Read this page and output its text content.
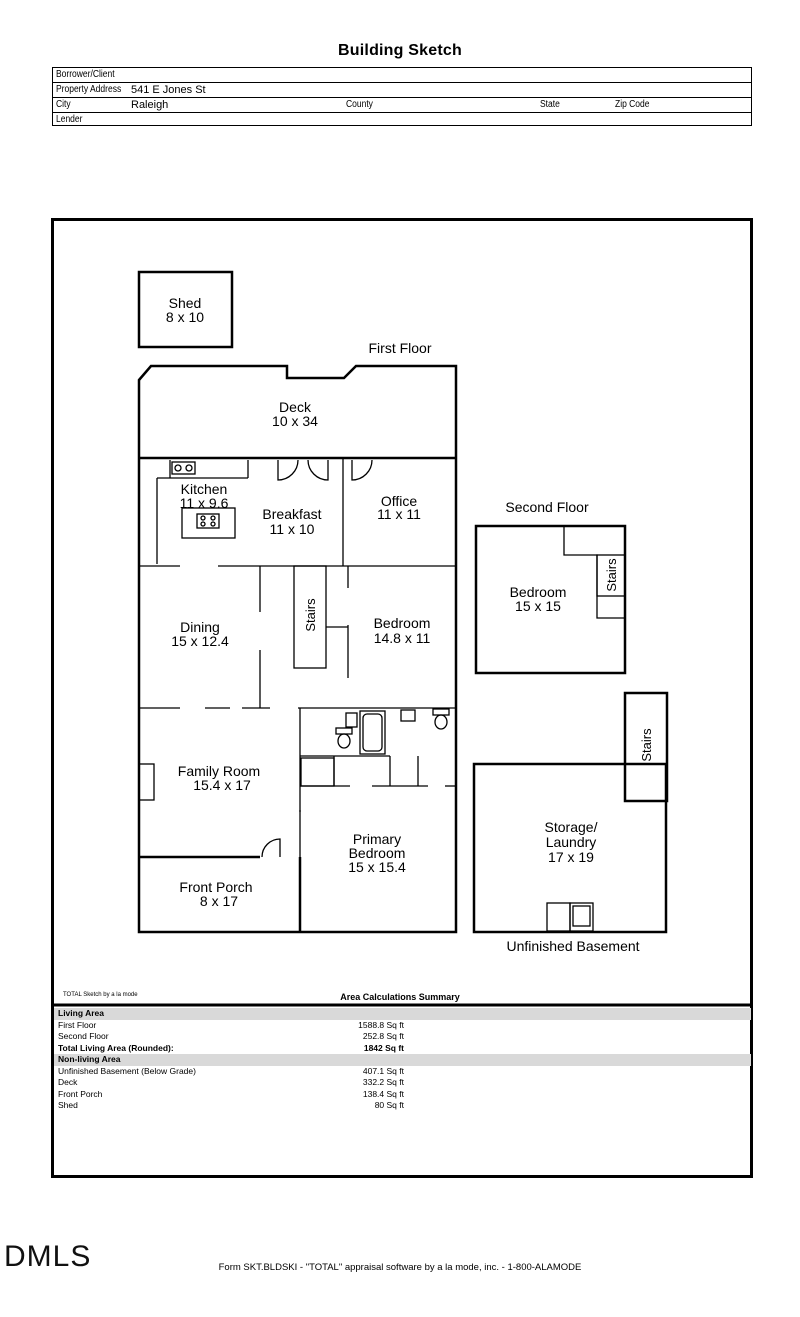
Building Sketch
Borrower/Client
Property Address 541 E Jones St
City	Raleigh	County	State	Zip Code
Lender
Shed
8 x 10
First Floor
Deck
10 x 34
Kitchen
11 x 9.6
Breakfast
11 x 10
Office
11 x 11
Dining
15 x 12.4
Bedroom
14.8 x 11
Family Room
15.4 x 17
Primary
Bedroom
15 x 15.4
Front Porch
8 x 17
Second Floor
Bedroom
15 x 15
Storage/
Laundry
17 x 19
Unfinished Basement
Stairs
Stairs
Stairs
TOTAL Sketch by a la mode	Area Calculations Summary
Living Area
First Floor	1588.8 Sq ft
Second Floor	252.8 Sq ft
Total Living Area (Rounded):	1842 Sq ft
Non-living Area
Unfinished Basement (Below Grade)	407.1 Sq ft
Deck	332.2 Sq ft
Front Porch	138.4 Sq ft
Shed	80 Sq ft
DMLS	Form SKT.BLDSKI - "TOTAL" appraisal software by a la mode, inc. - 1-800-ALAMODE
